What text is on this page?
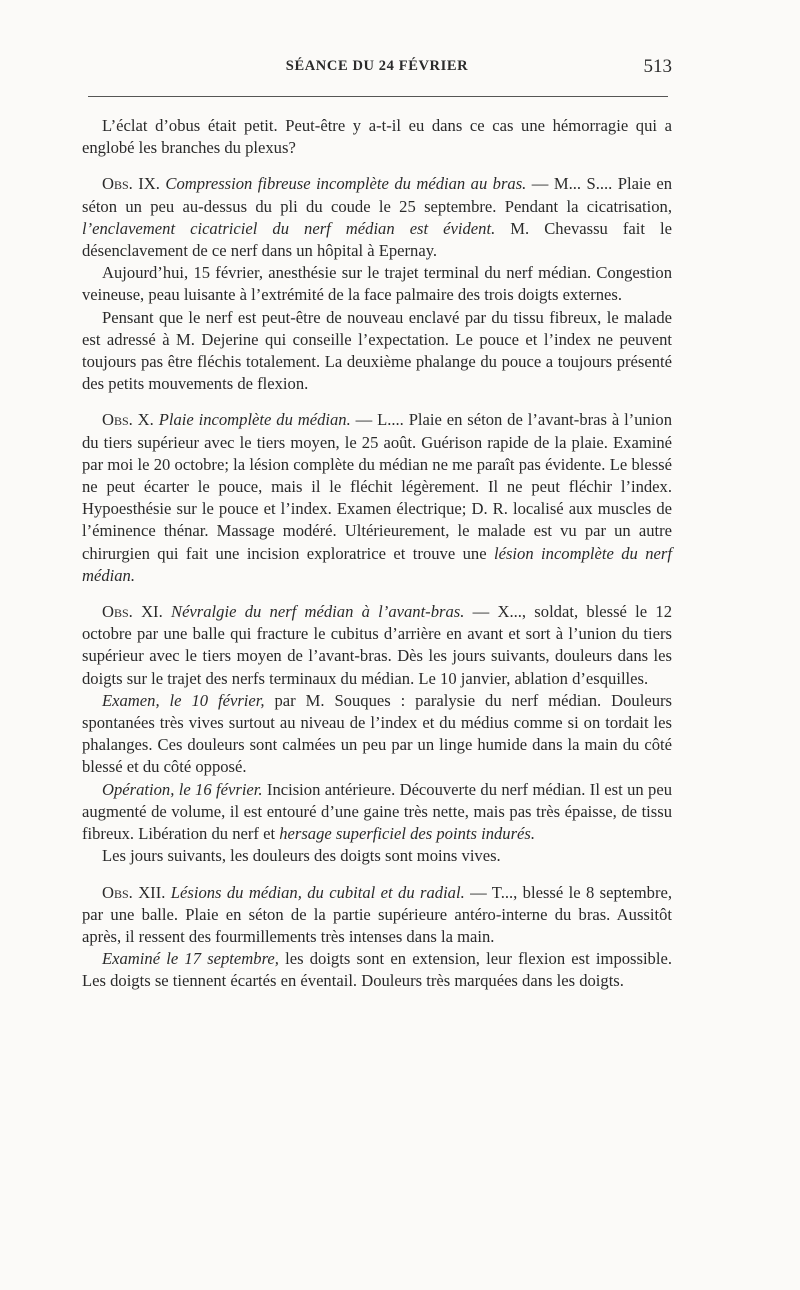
SÉANCE DU 24 FÉVRIER	513

L’éclat d’obus était petit. Peut-être y a-t-il eu dans ce cas une hémorragie qui a englobé les branches du plexus?

Obs. IX. Compression fibreuse incomplète du médian au bras. — M... S.... Plaie en séton un peu au-dessus du pli du coude le 25 septembre. Pendant la cicatrisation, l’enclavement cicatriciel du nerf médian est évident. M. Chevassu fait le désenclavement de ce nerf dans un hôpital à Epernay.

Aujourd’hui, 15 février, anesthésie sur le trajet terminal du nerf médian. Congestion veineuse, peau luisante à l’extrémité de la face palmaire des trois doigts externes.

Pensant que le nerf est peut-être de nouveau enclavé par du tissu fibreux, le malade est adressé à M. Dejerine qui conseille l’expectation. Le pouce et l’index ne peuvent toujours pas être fléchis totalement. La deuxième phalange du pouce a toujours présenté des petits mouvements de flexion.

Obs. X. Plaie incomplète du médian. — L.... Plaie en séton de l’avant-bras à l’union du tiers supérieur avec le tiers moyen, le 25 août. Guérison rapide de la plaie. Examiné par moi le 20 octobre; la lésion complète du médian ne me paraît pas évidente. Le blessé ne peut écarter le pouce, mais il le fléchit légèrement. Il ne peut fléchir l’index. Hypoesthésie sur le pouce et l’index. Examen électrique; D. R. localisé aux muscles de l’éminence thénar. Massage modéré. Ultérieurement, le malade est vu par un autre chirurgien qui fait une incision exploratrice et trouve une lésion incomplète du nerf médian.

Obs. XI. Névralgie du nerf médian à l’avant-bras. — X..., soldat, blessé le 12 octobre par une balle qui fracture le cubitus d’arrière en avant et sort à l’union du tiers supérieur avec le tiers moyen de l’avant-bras. Dès les jours suivants, douleurs dans les doigts sur le trajet des nerfs terminaux du médian. Le 10 janvier, ablation d’esquilles.

Examen, le 10 février, par M. Souques : paralysie du nerf médian. Douleurs spontanées très vives surtout au niveau de l’index et du médius comme si on tordait les phalanges. Ces douleurs sont calmées un peu par un linge humide dans la main du côté blessé et du côté opposé.

Opération, le 16 février. Incision antérieure. Découverte du nerf médian. Il est un peu augmenté de volume, il est entouré d’une gaine très nette, mais pas très épaisse, de tissu fibreux. Libération du nerf et hersage superficiel des points indurés.

Les jours suivants, les douleurs des doigts sont moins vives.

Obs. XII. Lésions du médian, du cubital et du radial. — T..., blessé le 8 septembre, par une balle. Plaie en séton de la partie supérieure antéro-interne du bras. Aussitôt après, il ressent des fourmillements très intenses dans la main.

Examiné le 17 septembre, les doigts sont en extension, leur flexion est impossible. Les doigts se tiennent écartés en éventail. Douleurs très marquées dans les doigts.
